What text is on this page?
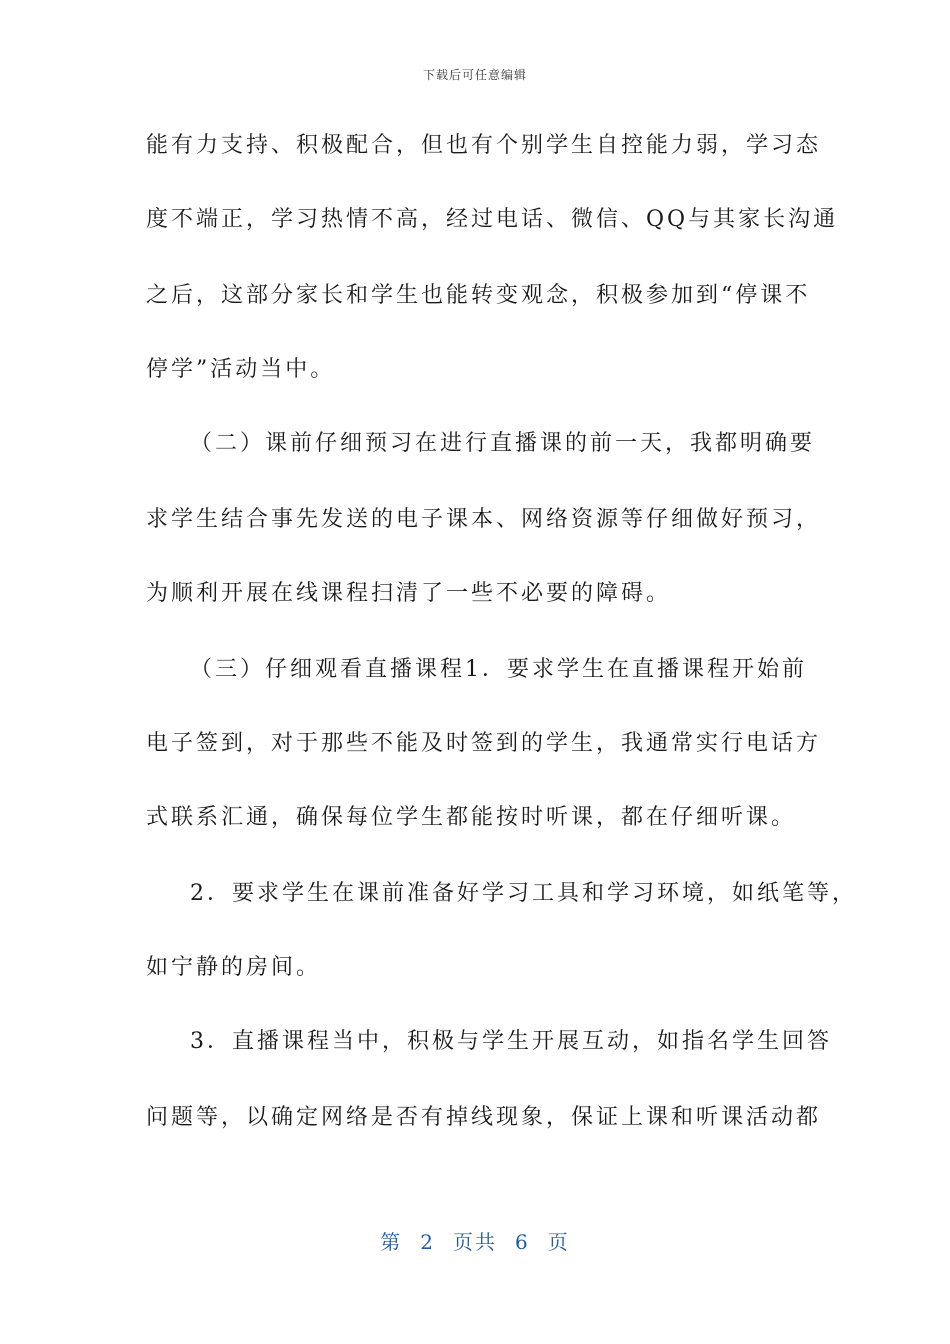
下载后可任意编辑
能有力支持、积极配合，但也有个别学生自控能力弱，学习态
度不端正，学习热情不高，经过电话、微信、QQ与其家长沟通
之后，这部分家长和学生也能转变观念，积极参加到“停课不
停学”活动当中。
（二）课前仔细预习在进行直播课的前一天，我都明确要
求学生结合事先发送的电子课本、网络资源等仔细做好预习，
为顺利开展在线课程扫清了一些不必要的障碍。
（三）仔细观看直播课程1．要求学生在直播课程开始前
电子签到，对于那些不能及时签到的学生，我通常实行电话方
式联系汇通，确保每位学生都能按时听课，都在仔细听课。
2．要求学生在课前准备好学习工具和学习环境，如纸笔等，
如宁静的房间。
3．直播课程当中，积极与学生开展互动，如指名学生回答
问题等，以确定网络是否有掉线现象，保证上课和听课活动都
第 2 页共 6 页
